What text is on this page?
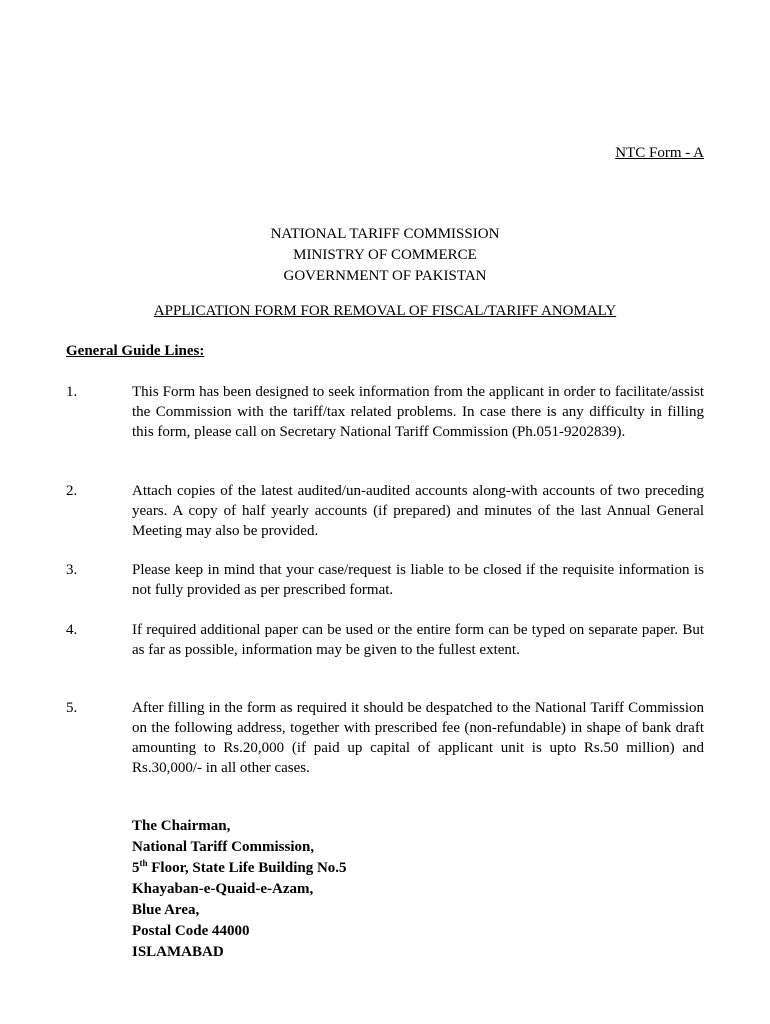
NTC Form - A
NATIONAL TARIFF COMMISSION
MINISTRY OF COMMERCE
GOVERNMENT OF PAKISTAN
APPLICATION FORM FOR REMOVAL OF FISCAL/TARIFF ANOMALY
General Guide Lines:
1.	This Form has been designed to seek information from the applicant in order to facilitate/assist the Commission with the tariff/tax related problems. In case there is any difficulty in filling this form, please call on Secretary National Tariff Commission (Ph.051-9202839).
2.	Attach copies of the latest audited/un-audited accounts along-with accounts of two preceding years. A copy of half yearly accounts (if prepared) and minutes of the last Annual General Meeting may also be provided.
3.	Please keep in mind that your case/request is liable to be closed if the requisite information is not fully provided as per prescribed format.
4.	If required additional paper can be used or the entire form can be typed on separate paper. But as far as possible, information may be given to the fullest extent.
5.	After filling in the form as required it should be despatched to the National Tariff Commission on the following address, together with prescribed fee (non-refundable) in shape of bank draft amounting to Rs.20,000 (if paid up capital of applicant unit is upto Rs.50 million) and Rs.30,000/- in all other cases.
The Chairman,
National Tariff Commission,
5th Floor, State Life Building No.5
Khayaban-e-Quaid-e-Azam,
Blue Area,
Postal Code 44000
ISLAMABAD
